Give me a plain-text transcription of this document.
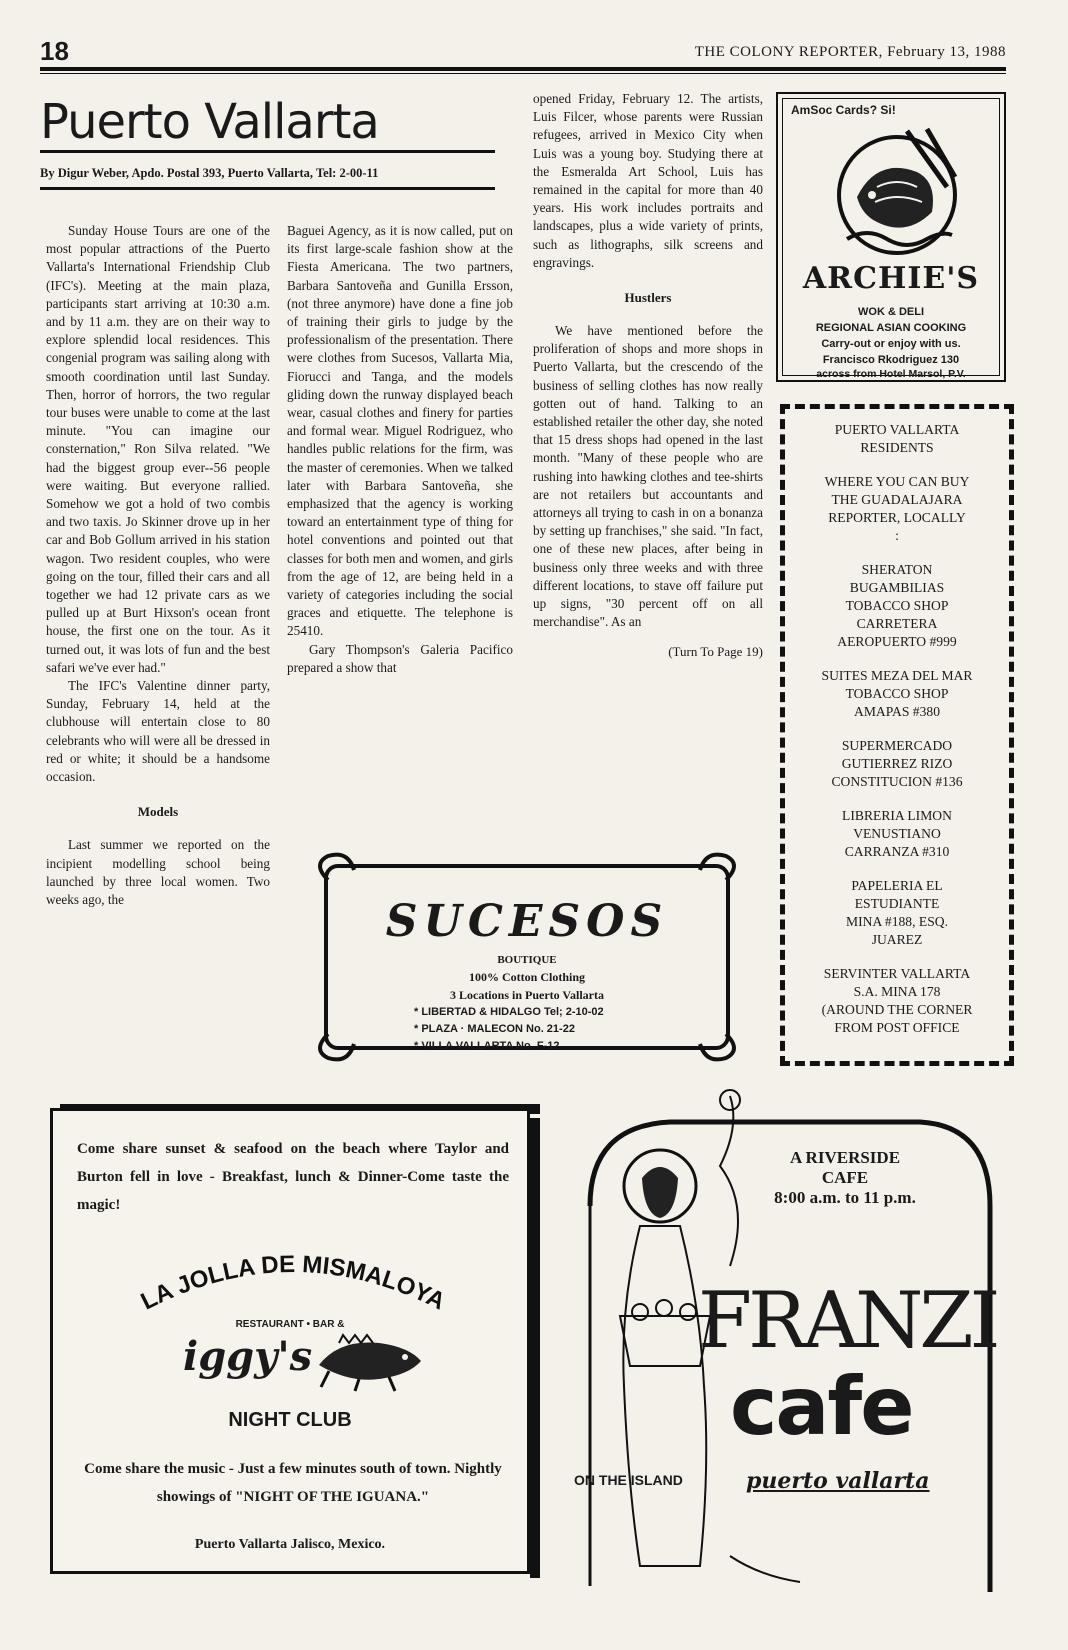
18	THE COLONY REPORTER, February 13, 1988
Puerto Vallarta
By Digur Weber, Apdo. Postal 393, Puerto Vallarta, Tel: 2-00-11

Sunday House Tours are one of the most popular attractions of the Puerto Vallarta's International Friendship Club (IFC's). Meeting at the main plaza, participants start arriving at 10:30 a.m. and by 11 a.m. they are on their way to explore splendid local residences. This congenial program was sailing along with smooth coordination until last Sunday. Then, horror of horrors, the two regular tour buses were unable to come at the last minute. "You can imagine our consternation," Ron Silva related. "We had the biggest group ever--56 people were waiting. But everyone rallied. Somehow we got a hold of two combis and two taxis. Jo Skinner drove up in her car and Bob Gollum arrived in his station wagon. Two resident couples, who were going on the tour, filled their cars and all together we had 12 private cars as we pulled up at Burt Hixson's ocean front house, the first one on the tour. As it turned out, it was lots of fun and the best safari we've ever had."

The IFC's Valentine dinner party, Sunday, February 14, held at the clubhouse will entertain close to 80 celebrants who will were all be dressed in red or white; it should be a handsome occasion.

Models

Last summer we reported on the incipient modelling school being launched by three local women. Two weeks ago, the

Baguei Agency, as it is now called, put on its first large-scale fashion show at the Fiesta Americana. The two partners, Barbara Santoveña and Gunilla Ersson, (not three anymore) have done a fine job of training their girls to judge by the professionalism of the presentation. There were clothes from Sucesos, Vallarta Mia, Fiorucci and Tanga, and the models gliding down the runway displayed beach wear, casual clothes and finery for parties and formal wear. Miguel Rodriguez, who handles public relations for the firm, was the master of ceremonies. When we talked later with Barbara Santoveña, she emphasized that the agency is working toward an entertainment type of thing for hotel conventions and pointed out that classes for both men and women, and girls from the age of 12, are being held in a variety of categories including the social graces and etiquette. The telephone is 25410.

Gary Thompson's Galeria Pacifico prepared a show that

opened Friday, February 12. The artists, Luis Filcer, whose parents were Russian refugees, arrived in Mexico City when Luis was a young boy. Studying there at the Esmeralda Art School, Luis has remained in the capital for more than 40 years. His work includes portraits and landscapes, plus a wide variety of prints, such as lithographs, silk screens and engravings.

Hustlers

We have mentioned before the proliferation of shops and more shops in Puerto Vallarta, but the crescendo of the business of selling clothes has now really gotten out of hand. Talking to an established retailer the other day, she noted that 15 dress shops had opened in the last month. "Many of these people who are rushing into hawking clothes and tee-shirts are not retailers but accountants and attorneys all trying to cash in on a bonanza by setting up franchises," she said. "In fact, one of these new places, after being in business only three weeks and with three different locations, to stave off failure put up signs, "30 percent off on all merchandise". As an

(Turn To Page 19)
AmSoc Cards? Si!
ARCHIE'S
WOK & DELI
REGIONAL ASIAN COOKING
Carry-out or enjoy with us.
Francisco Rkodriguez 130
across from Hotel Marsol, P.V.
PUERTO VALLARTA
RESIDENTS
WHERE YOU CAN BUY
THE GUADALAJARA
REPORTER, LOCALLY
:
SHERATON
BUGAMBILIAS
TOBACCO SHOP
CARRETERA
AEROPUERTO #999
SUITES MEZA DEL MAR
TOBACCO SHOP
AMAPAS #380
SUPERMERCADO
GUTIERREZ RIZO
CONSTITUCION #136
LIBRERIA LIMON
VENUSTIANO
CARRANZA #310
PAPELERIA EL
ESTUDIANTE
MINA #188, ESQ.
JUAREZ
SERVINTER VALLARTA
S.A. MINA 178
(AROUND THE CORNER
FROM POST OFFICE
SUCESOS
BOUTIQUE
100% Cotton Clothing
3 Locations in Puerto Vallarta
* LIBERTAD & HIDALGO Tel; 2-10-02
* PLAZA · MALECON No. 21-22
* VILLA VALLARTA No. F-12
Come share sunset & seafood on the beach where Taylor and Burton fell in love - Breakfast, lunch & Dinner-Come taste the magic!
LA JOLLA DE MISMALOYA
RESTAURANT • BAR &
iggy's
NIGHT CLUB
Come share the music - Just a few minutes south of town. Nightly showings of "NIGHT OF THE IGUANA."
Puerto Vallarta Jalisco, Mexico.
A RIVERSIDE
CAFE
8:00 a.m. to 11 p.m.
FRANZI
cafe
puerto vallarta
ON THE ISLAND
